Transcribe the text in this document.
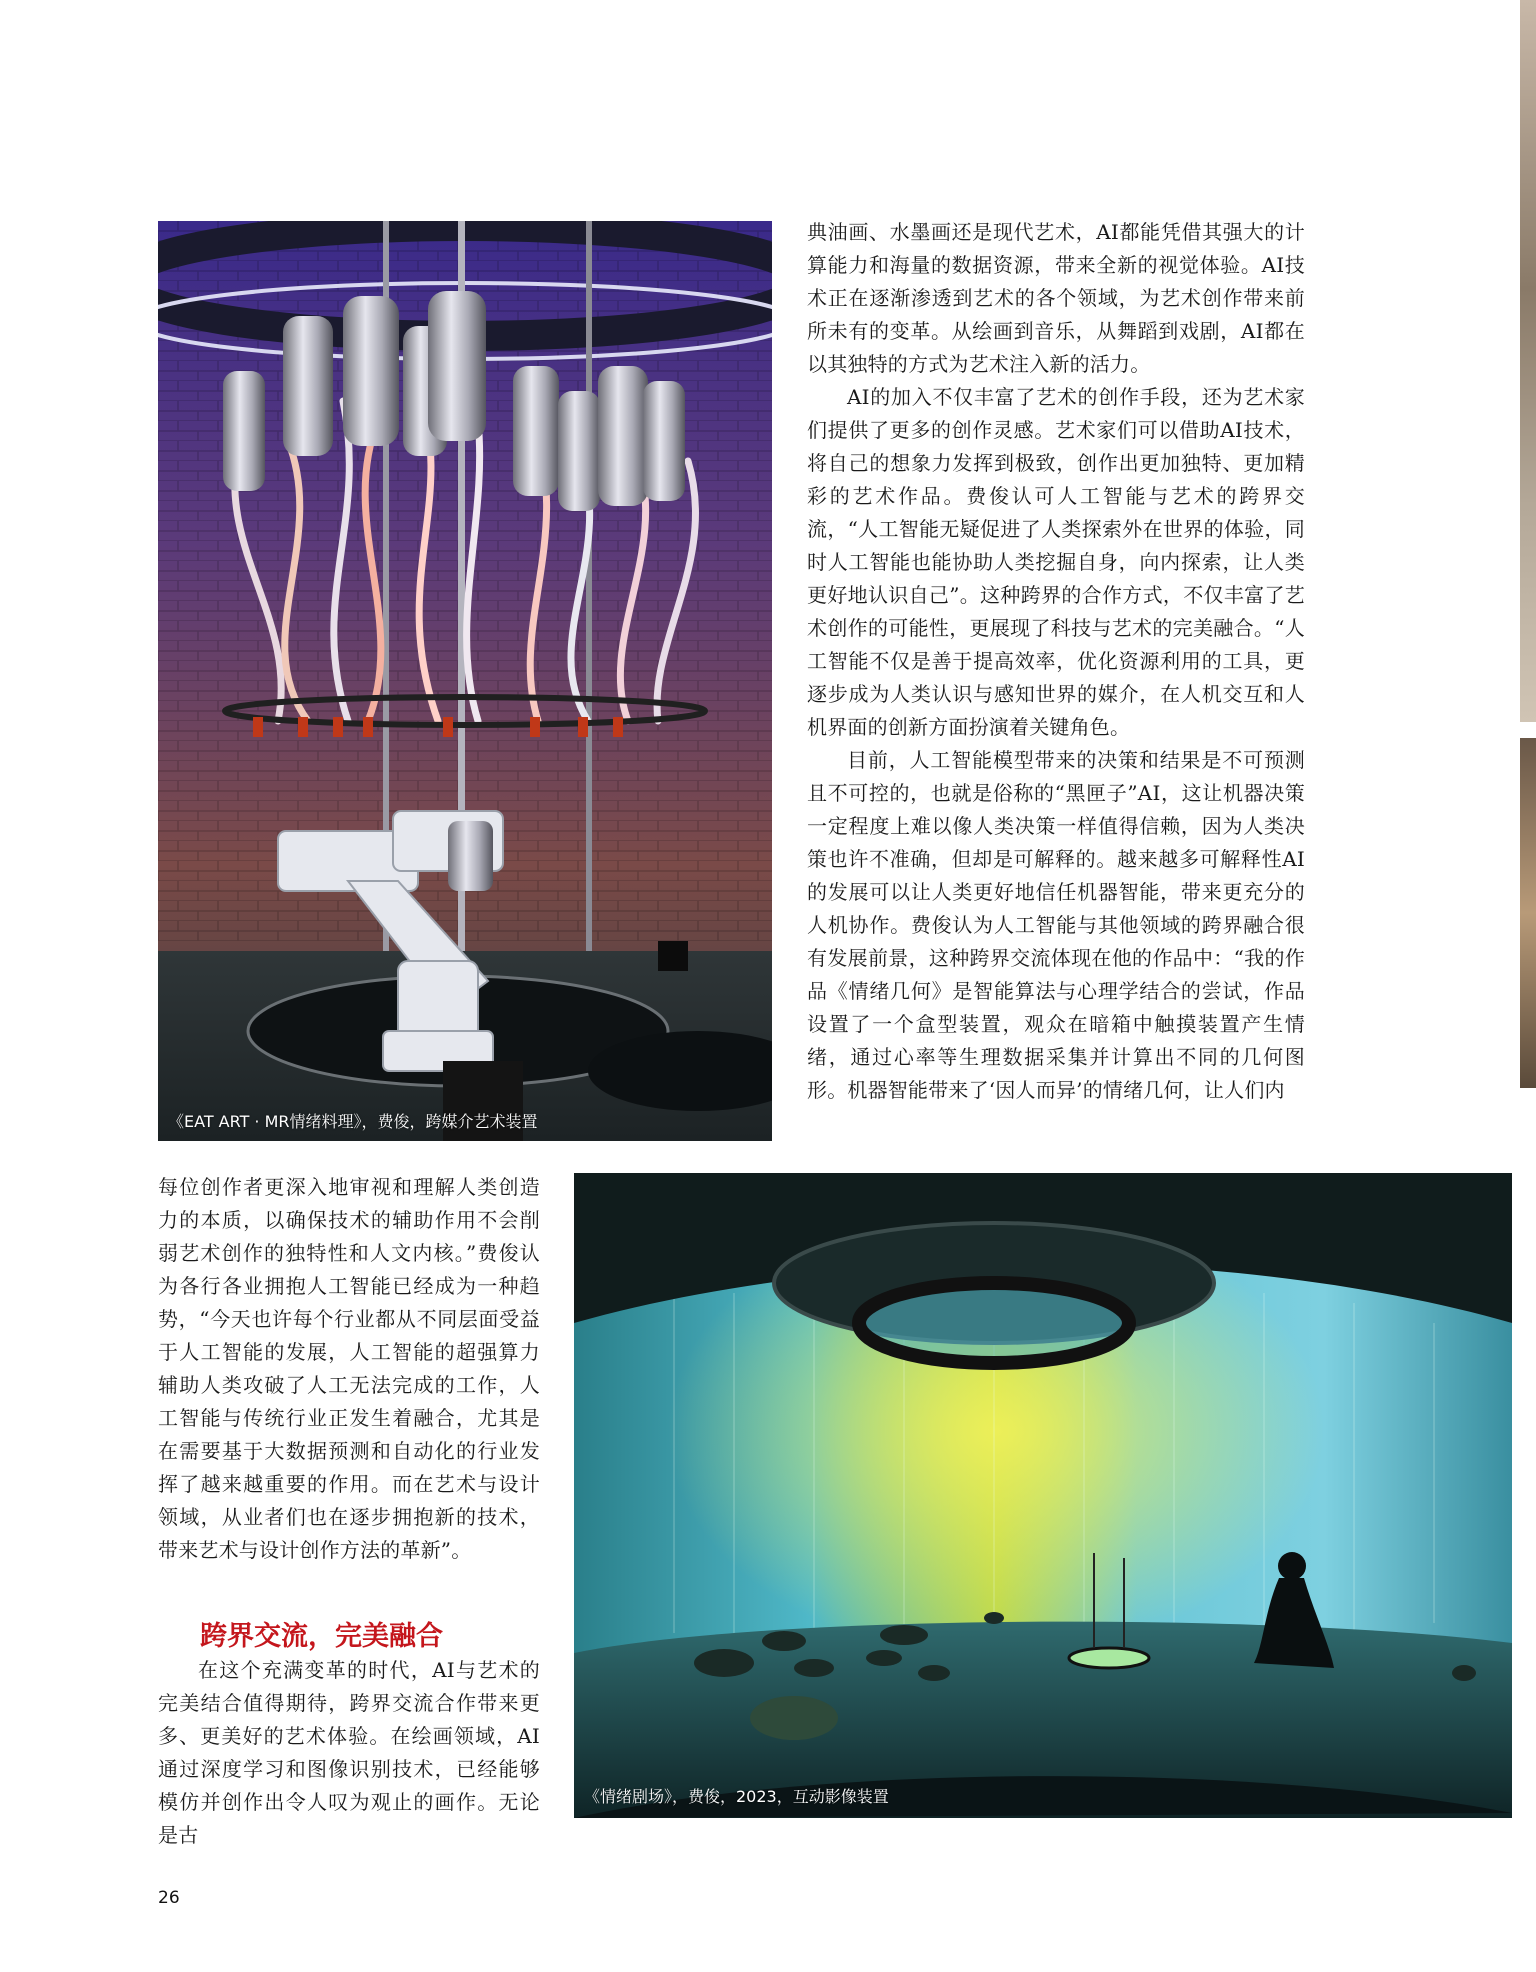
《EAT ART · MR情绪料理》，费俊，跨媒介艺术装置

典油画、水墨画还是现代艺术，AI都能凭借其强大的计算能力和海量的数据资源，带来全新的视觉体验。AI技术正在逐渐渗透到艺术的各个领域，为艺术创作带来前所未有的变革。从绘画到音乐，从舞蹈到戏剧，AI都在以其独特的方式为艺术注入新的活力。

AI的加入不仅丰富了艺术的创作手段，还为艺术家们提供了更多的创作灵感。艺术家们可以借助AI技术，将自己的想象力发挥到极致，创作出更加独特、更加精彩的艺术作品。费俊认可人工智能与艺术的跨界交流，“人工智能无疑促进了人类探索外在世界的体验，同时人工智能也能协助人类挖掘自身，向内探索，让人类更好地认识自己”。这种跨界的合作方式，不仅丰富了艺术创作的可能性，更展现了科技与艺术的完美融合。“人工智能不仅是善于提高效率，优化资源利用的工具，更逐步成为人类认识与感知世界的媒介，在人机交互和人机界面的创新方面扮演着关键角色。

目前，人工智能模型带来的决策和结果是不可预测且不可控的，也就是俗称的“黑匣子”AI，这让机器决策一定程度上难以像人类决策一样值得信赖，因为人类决策也许不准确，但却是可解释的。越来越多可解释性AI的发展可以让人类更好地信任机器智能，带来更充分的人机协作。费俊认为人工智能与其他领域的跨界融合很有发展前景，这种跨界交流体现在他的作品中：“我的作品《情绪几何》是智能算法与心理学结合的尝试，作品设置了一个盒型装置，观众在暗箱中触摸装置产生情绪，通过心率等生理数据采集并计算出不同的几何图形。机器智能带来了‘因人而异’的情绪几何，让人们内

每位创作者更深入地审视和理解人类创造力的本质，以确保技术的辅助作用不会削弱艺术创作的独特性和人文内核。”费俊认为各行各业拥抱人工智能已经成为一种趋势，“今天也许每个行业都从不同层面受益于人工智能的发展，人工智能的超强算力辅助人类攻破了人工无法完成的工作，人工智能与传统行业正发生着融合，尤其是在需要基于大数据预测和自动化的行业发挥了越来越重要的作用。而在艺术与设计领域，从业者们也在逐步拥抱新的技术，带来艺术与设计创作方法的革新”。

跨界交流，完美融合

在这个充满变革的时代，AI与艺术的完美结合值得期待，跨界交流合作带来更多、更美好的艺术体验。在绘画领域，AI通过深度学习和图像识别技术，已经能够模仿并创作出令人叹为观止的画作。无论是古

《情绪剧场》，费俊，2023，互动影像装置
26
